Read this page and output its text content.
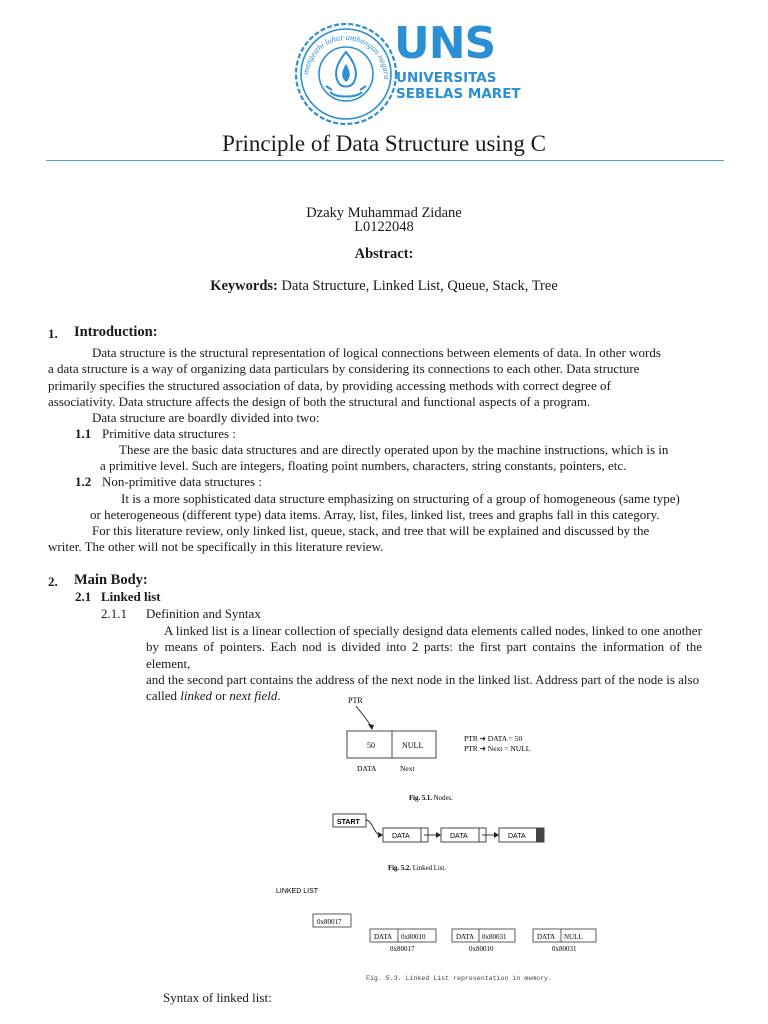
mangesthi luhur ambangun nagara
UNS
UNIVERSITAS
SEBELAS MARET
Principle of Data Structure using C
Dzaky Muhammad Zidane
L0122048
Abstract:
Keywords: Data Structure, Linked List, Queue, Stack, Tree
1. Introduction:
Data structure is the structural representation of logical connections between elements of data. In other words
a data structure is a way of organizing data particulars by considering its connections to each other. Data structure
primarily specifies the structured association of data, by providing accessing methods with correct degree of
associativity. Data structure affects the design of both the structural and functional aspects of a program.
Data structure are boardly divided into two:
1.1 Primitive data structures :
These are the basic data structures and are directly operated upon by the machine instructions, which is in
a primitive level. Such are integers, floating point numbers, characters, string constants, pointers, etc.
1.2 Non-primitive data structures :
It is a more sophisticated data structure emphasizing on structuring of a group of homogeneous (same type)
or heterogeneous (different type) data items. Array, list, files, linked list, trees and graphs fall in this category.
For this literature review, only linked list, queue, stack, and tree that will be explained and discussed by the
writer. The other will not be specifically in this literature review.
2. Main Body:
2.1 Linked list
2.1.1 Definition and Syntax
A linked list is a linear collection of specially designd data elements called nodes, linked to one another
by means of pointers. Each nod is divided into 2 parts: the first part contains the information of the element,
and the second part contains the address of the next node in the linked list. Address part of the node is also
called linked or next field.	PTR
50	NULL
DATA	Next
PTR ➔ DATA = 50
PTR ➔ Next = NULL
Fig. 5.1. Nodes.
START
DATA	DATA	DATA
Fig. 5.2. Linked List.
LINKED LIST
0x80017
DATA 0x80010
0x80017
DATA 0x80031
0x80010
DATA NULL
0x80031
Fig. 5.3. Linked List representation in memory.
Syntax of linked list:
